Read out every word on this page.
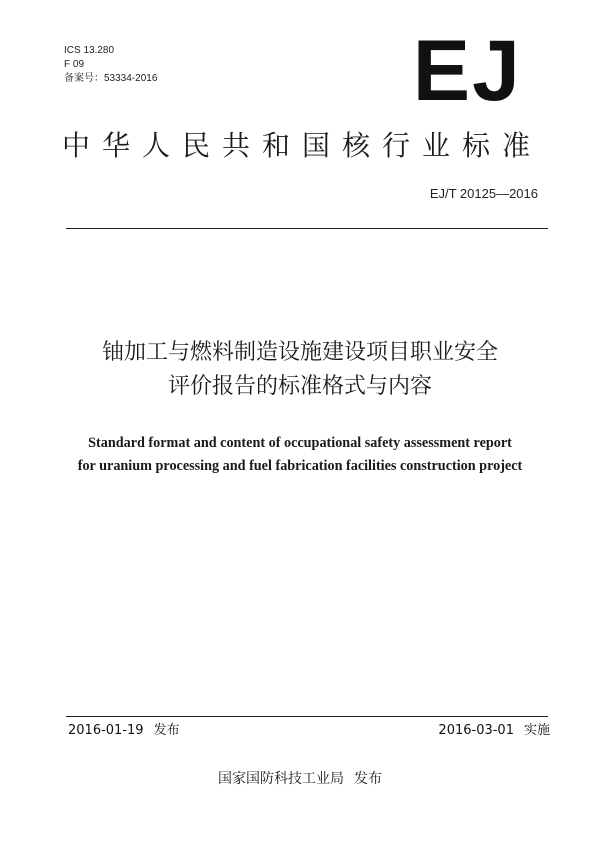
ICS 13.280
F 09
备案号：53334-2016	EJ
中华人民共和国核行业标准
EJ/T 20125—2016
铀加工与燃料制造设施建设项目职业安全
评价报告的标准格式与内容
Standard format and content of occupational safety assessment report
for uranium processing and fuel fabrication facilities construction project
2016-01-19 发布	2016-03-01 实施
国家国防科技工业局 发布
